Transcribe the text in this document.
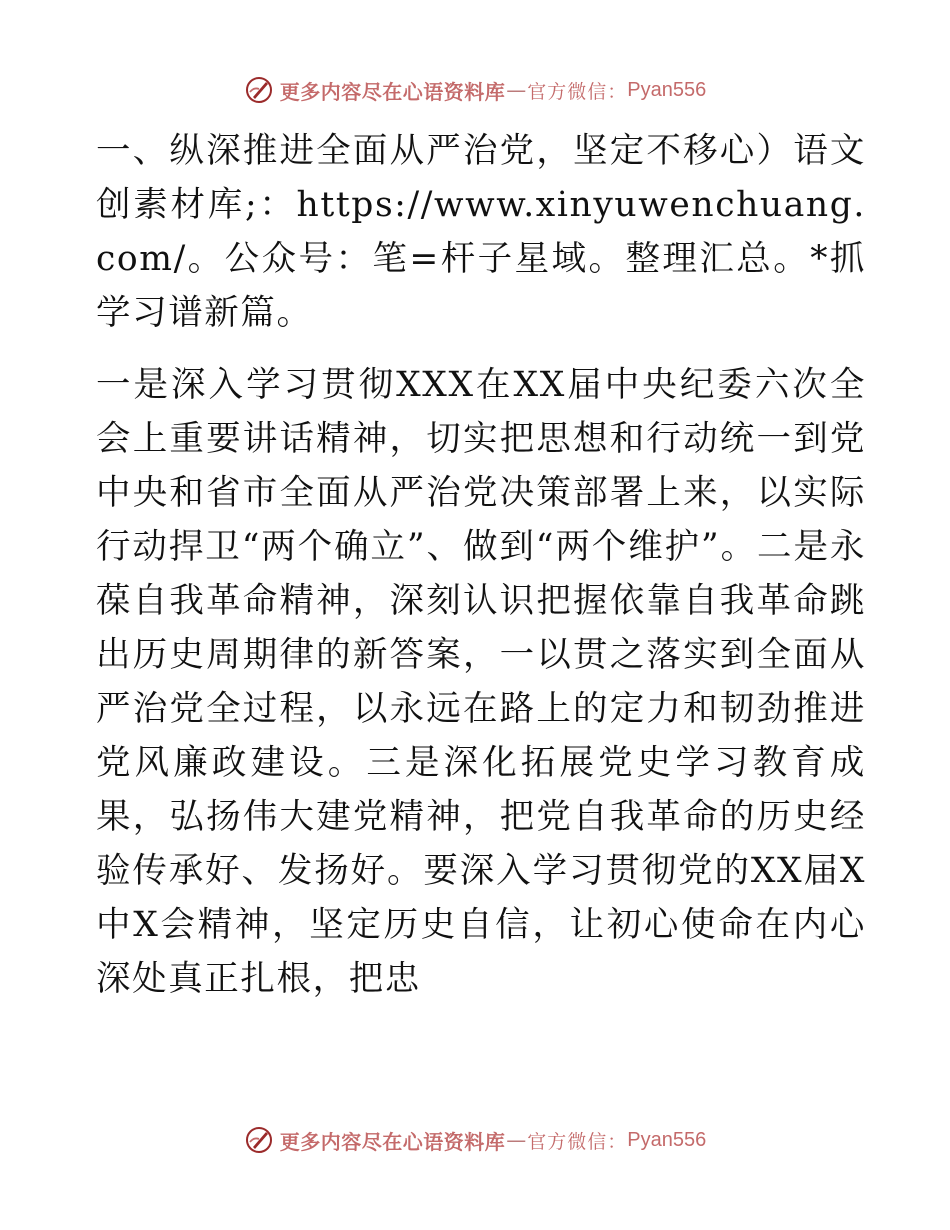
更多内容尽在心语资料库 — 官方微信： Pyan556

一、纵深推进全面从严治党，坚定不移心）语文创素材库;：https://www.xinyuwenchuang.com/。公众号：笔=杆子星域。整理汇总。*抓学习谱新篇。

一是深入学习贯彻XXX在XX届中央纪委六次全会上重要讲话精神，切实把思想和行动统一到党中央和省市全面从严治党决策部署上来，以实际行动捍卫“两个确立”、做到“两个维护”。二是永葆自我革命精神，深刻认识把握依靠自我革命跳出历史周期律的新答案，一以贯之落实到全面从严治党全过程，以永远在路上的定力和韧劲推进党风廉政建设。三是深化拓展党史学习教育成果，弘扬伟大建党精神，把党自我革命的历史经验传承好、发扬好。要深入学习贯彻党的XX届X中X会精神，坚定历史自信，让初心使命在内心深处真正扎根，把忠

更多内容尽在心语资料库 — 官方微信： Pyan556
